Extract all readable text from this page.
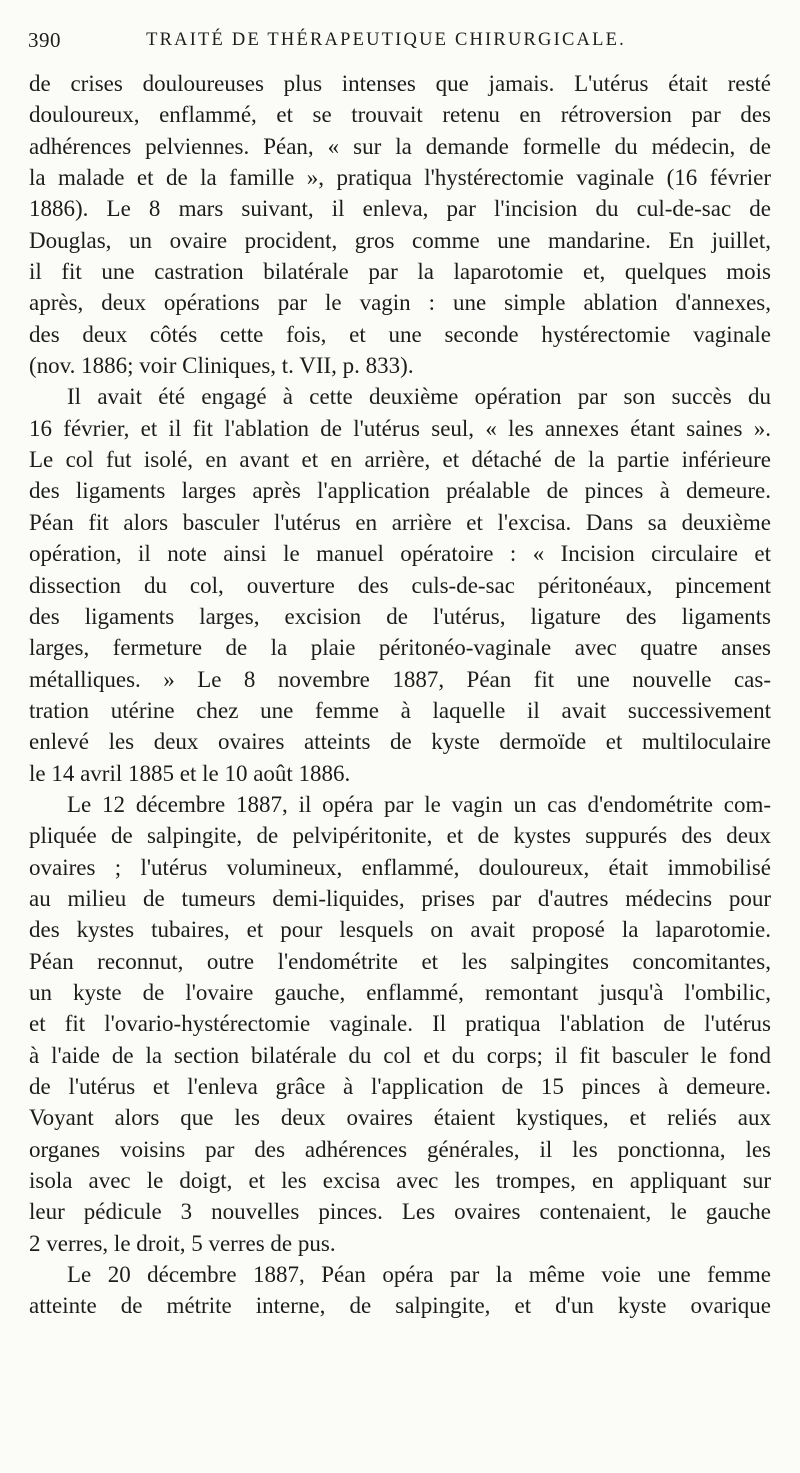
390	TRAITÉ DE THÉRAPEUTIQUE CHIRURGICALE.
de crises douloureuses plus intenses que jamais. L'utérus était resté
douloureux, enflammé, et se trouvait retenu en rétroversion par des
adhérences pelviennes. Péan, « sur la demande formelle du médecin, de
la malade et de la famille », pratiqua l'hystérectomie vaginale (16 février
1886). Le 8 mars suivant, il enleva, par l'incision du cul-de-sac de
Douglas, un ovaire procident, gros comme une mandarine. En juillet,
il fit une castration bilatérale par la laparotomie et, quelques mois
après, deux opérations par le vagin : une simple ablation d'annexes,
des deux côtés cette fois, et une seconde hystérectomie vaginale
(nov. 1886; voir Cliniques, t. VII, p. 833).
Il avait été engagé à cette deuxième opération par son succès du
16 février, et il fit l'ablation de l'utérus seul, « les annexes étant saines ».
Le col fut isolé, en avant et en arrière, et détaché de la partie inférieure
des ligaments larges après l'application préalable de pinces à demeure.
Péan fit alors basculer l'utérus en arrière et l'excisa. Dans sa deuxième
opération, il note ainsi le manuel opératoire : « Incision circulaire et
dissection du col, ouverture des culs-de-sac péritonéaux, pincement
des ligaments larges, excision de l'utérus, ligature des ligaments
larges, fermeture de la plaie péritonéo-vaginale avec quatre anses
métalliques. » Le 8 novembre 1887, Péan fit une nouvelle cas-
tration utérine chez une femme à laquelle il avait successivement
enlevé les deux ovaires atteints de kyste dermoïde et multiloculaire
le 14 avril 1885 et le 10 août 1886.
Le 12 décembre 1887, il opéra par le vagin un cas d'endométrite com-
pliquée de salpingite, de pelvipéritonite, et de kystes suppurés des deux
ovaires ; l'utérus volumineux, enflammé, douloureux, était immobilisé
au milieu de tumeurs demi-liquides, prises par d'autres médecins pour
des kystes tubaires, et pour lesquels on avait proposé la laparotomie.
Péan reconnut, outre l'endométrite et les salpingites concomitantes,
un kyste de l'ovaire gauche, enflammé, remontant jusqu'à l'ombilic,
et fit l'ovario-hystérectomie vaginale. Il pratiqua l'ablation de l'utérus
à l'aide de la section bilatérale du col et du corps; il fit basculer le fond
de l'utérus et l'enleva grâce à l'application de 15 pinces à demeure.
Voyant alors que les deux ovaires étaient kystiques, et reliés aux
organes voisins par des adhérences générales, il les ponctionna, les
isola avec le doigt, et les excisa avec les trompes, en appliquant sur
leur pédicule 3 nouvelles pinces. Les ovaires contenaient, le gauche
2 verres, le droit, 5 verres de pus.
Le 20 décembre 1887, Péan opéra par la même voie une femme
atteinte de métrite interne, de salpingite, et d'un kyste ovarique
